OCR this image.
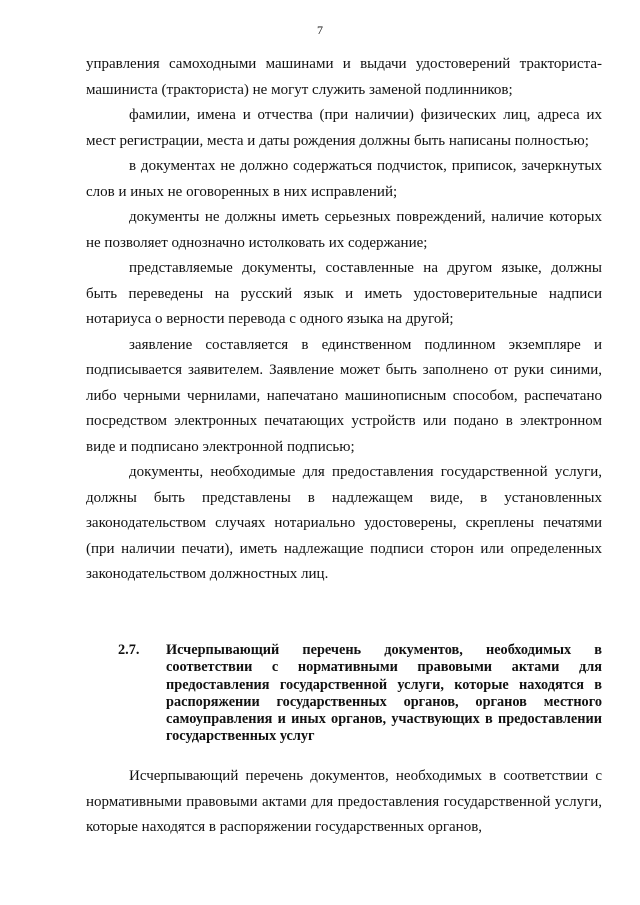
7

управления самоходными машинами и выдачи удостоверений тракториста-машиниста (тракториста) не могут служить заменой подлинников;

фамилии, имена и отчества (при наличии) физических лиц, адреса их мест регистрации, места и даты рождения должны быть написаны полностью;

в документах не должно содержаться подчисток, приписок, зачеркнутых слов и иных не оговоренных в них исправлений;

документы не должны иметь серьезных повреждений, наличие которых не позволяет однозначно истолковать их содержание;

представляемые документы, составленные на другом языке, должны быть переведены на русский язык и иметь удостоверительные надписи нотариуса о верности перевода с одного языка на другой;

заявление составляется в единственном подлинном экземпляре и подписывается заявителем. Заявление может быть заполнено от руки синими, либо черными чернилами, напечатано машинописным способом, распечатано посредством электронных печатающих устройств или подано в электронном виде и подписано электронной подписью;

документы, необходимые для предоставления государственной услуги, должны быть представлены в надлежащем виде, в установленных законодательством случаях нотариально удостоверены, скреплены печатями (при наличии печати), иметь надлежащие подписи сторон или определенных законодательством должностных лиц.

2.7. Исчерпывающий перечень документов, необходимых в соответствии с нормативными правовыми актами для предоставления государственной услуги, которые находятся в распоряжении государственных органов, органов местного самоуправления и иных органов, участвующих в предоставлении государственных услуг

Исчерпывающий перечень документов, необходимых в соответствии с нормативными правовыми актами для предоставления государственной услуги, которые находятся в распоряжении государственных органов,
